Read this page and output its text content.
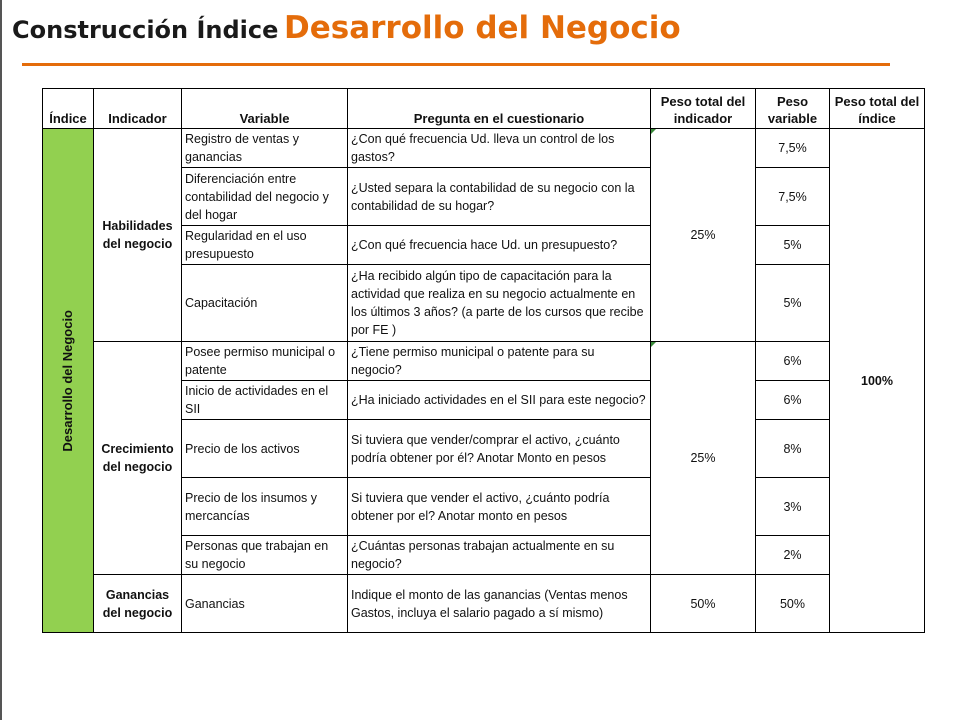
Construcción Índice Desarrollo del Negocio
Índice	Indicador	Variable	Pregunta en el cuestionario	Peso total del indicador	Peso variable	Peso total del índice

Desarrollo del Negocio	Habilidades del negocio	Registro de ventas y ganancias	¿Con qué frecuencia Ud. lleva un control de los gastos?	25%	7,5%	100%
		Diferenciación entre contabilidad del negocio y del hogar	¿Usted separa la contabilidad de su negocio con la contabilidad de su hogar?		7,5%	
		Regularidad en el uso presupuesto	¿Con qué frecuencia hace Ud. un presupuesto?		5%	
		Capacitación	¿Ha recibido algún tipo de capacitación para la actividad que realiza en su negocio actualmente en los últimos 3 años? (a parte de los cursos que recibe por FE )		5%	
	Crecimiento del negocio	Posee permiso municipal o patente	¿Tiene permiso municipal o patente para su negocio?	25%	6%	
		Inicio de actividades en el SII	¿Ha iniciado actividades en el SII para este negocio?		6%	
		Precio de los activos	Si tuviera que vender/comprar el activo, ¿cuánto podría obtener por él? Anotar Monto en pesos		8%	
		Precio de los insumos y mercancías	Si tuviera que vender el activo, ¿cuánto podría obtener por el? Anotar monto en pesos		3%	
		Personas que trabajan en su negocio	¿Cuántas personas trabajan actualmente en su negocio?		2%	
	Ganancias del negocio	Ganancias	Indique el monto de las ganancias (Ventas menos Gastos, incluya el salario pagado a sí mismo)	50%	50%	
